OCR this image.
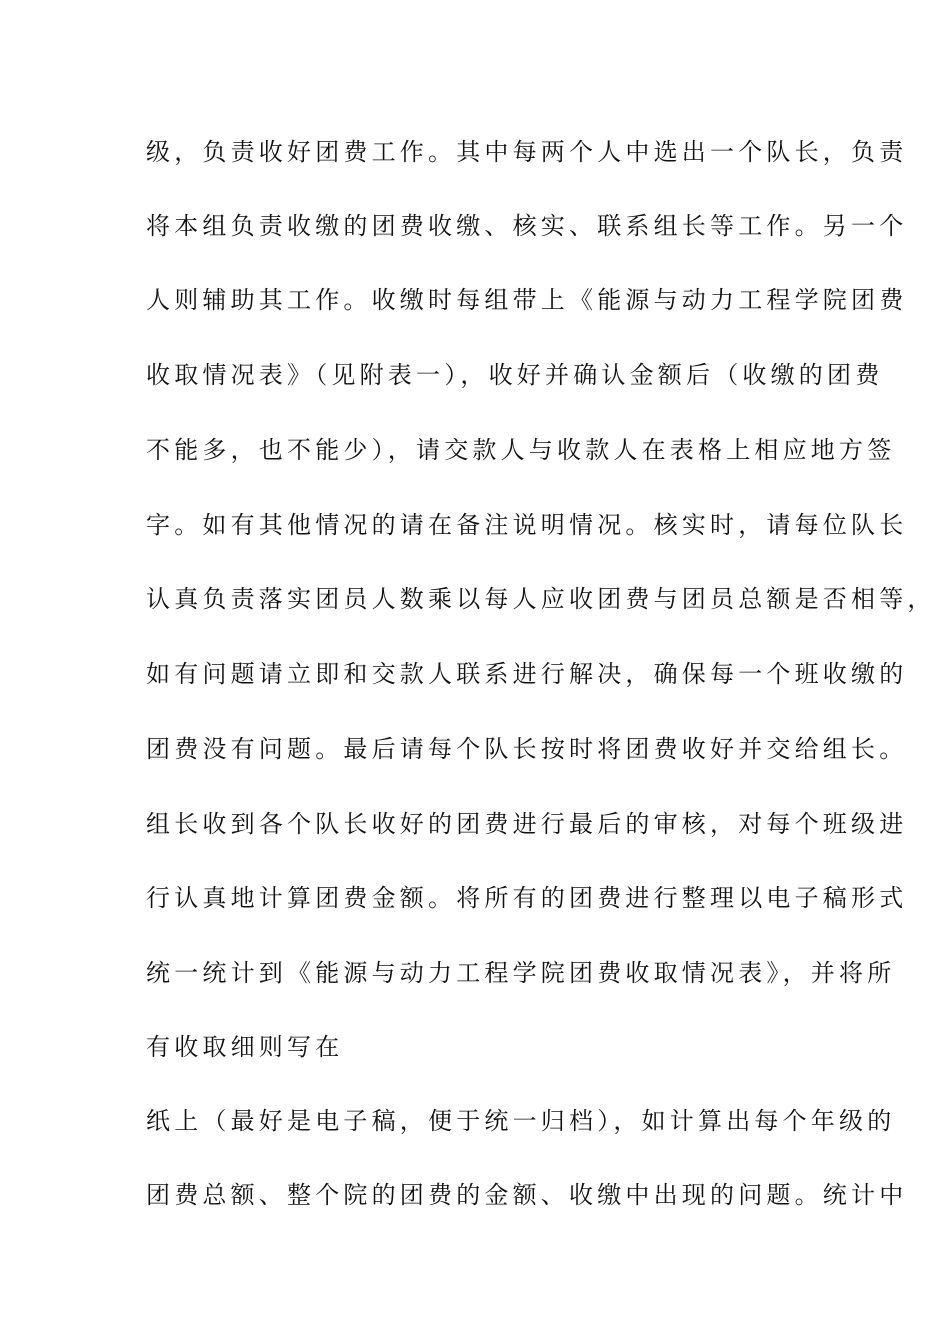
级，负责收好团费工作。其中每两个人中选出一个队长，负责

将本组负责收缴的团费收缴、核实、联系组长等工作。另一个

人则辅助其工作。收缴时每组带上《能源与动力工程学院团费

收取情况表》（见附表一），收好并确认金额后（收缴的团费

不能多，也不能少），请交款人与收款人在表格上相应地方签

字。如有其他情况的请在备注说明情况。核实时，请每位队长

认真负责落实团员人数乘以每人应收团费与团员总额是否相等，

如有问题请立即和交款人联系进行解决，确保每一个班收缴的

团费没有问题。最后请每个队长按时将团费收好并交给组长。

组长收到各个队长收好的团费进行最后的审核，对每个班级进

行认真地计算团费金额。将所有的团费进行整理以电子稿形式

统一统计到《能源与动力工程学院团费收取情况表》，并将所

有收取细则写在

纸上（最好是电子稿，便于统一归档），如计算出每个年级的

团费总额、整个院的团费的金额、收缴中出现的问题。统计中
